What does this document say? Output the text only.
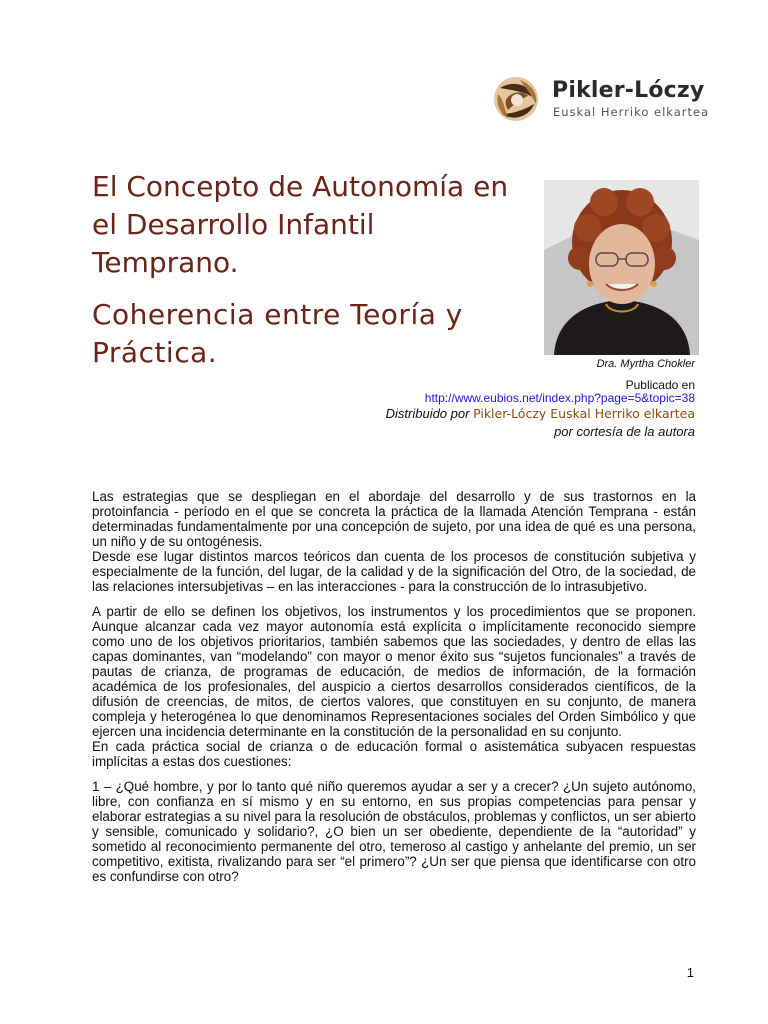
Pikler-Lóczy
Euskal Herriko elkartea
El Concepto de Autonomía en el Desarrollo Infantil Temprano.
Coherencia entre Teoría y Práctica.	Dra. Myrtha Chokler
Publicado en
http://www.eubios.net/index.php?page=5&topic=38
Distribuido por Pikler-Lóczy Euskal Herriko elkartea
por cortesía de la autora

Las estrategias que se despliegan en el abordaje del desarrollo y de sus trastornos en la protoinfancia - período en el que se concreta la práctica de la llamada Atención Temprana - están determinadas fundamentalmente por una concepción de sujeto, por una idea de qué es una persona, un niño y de su ontogénesis.

Desde ese lugar distintos marcos teóricos dan cuenta de los procesos de constitución subjetiva y especialmente de la función, del lugar, de la calidad y de la significación del Otro, de la sociedad, de las relaciones intersubjetivas – en las interacciones - para la construcción de lo intrasubjetivo.

A partir de ello se definen los objetivos, los instrumentos y los procedimientos que se proponen. Aunque alcanzar cada vez mayor autonomía está explícita o implícitamente reconocido siempre como uno de los objetivos prioritarios, también sabemos que las sociedades, y dentro de ellas las capas dominantes, van “modelando” con mayor o menor éxito sus “sujetos funcionales” a través de pautas de crianza, de programas de educación, de medios de información, de la formación académica de los profesionales, del auspicio a ciertos desarrollos considerados científicos, de la difusión de creencias, de mitos, de ciertos valores, que constituyen en su conjunto, de manera compleja y heterogénea lo que denominamos Representaciones sociales del Orden Simbólico y que ejercen una incidencia determinante en la constitución de la personalidad en su conjunto.

En cada práctica social de crianza o de educación formal o asistemática subyacen respuestas implícitas a estas dos cuestiones:

1 – ¿Qué hombre, y por lo tanto qué niño queremos ayudar a ser y a crecer? ¿Un sujeto autónomo, libre, con confianza en sí mismo y en su entorno, en sus propias competencias para pensar y elaborar estrategias a su nivel para la resolución de obstáculos, problemas y conflictos, un ser abierto y sensible, comunicado y solidario?, ¿O bien un ser obediente, dependiente de la “autoridad” y sometido al reconocimiento permanente del otro, temeroso al castigo y anhelante del premio, un ser competitivo, exitista, rivalizando para ser “el primero”? ¿Un ser que piensa que identificarse con otro es confundirse con otro?

1
